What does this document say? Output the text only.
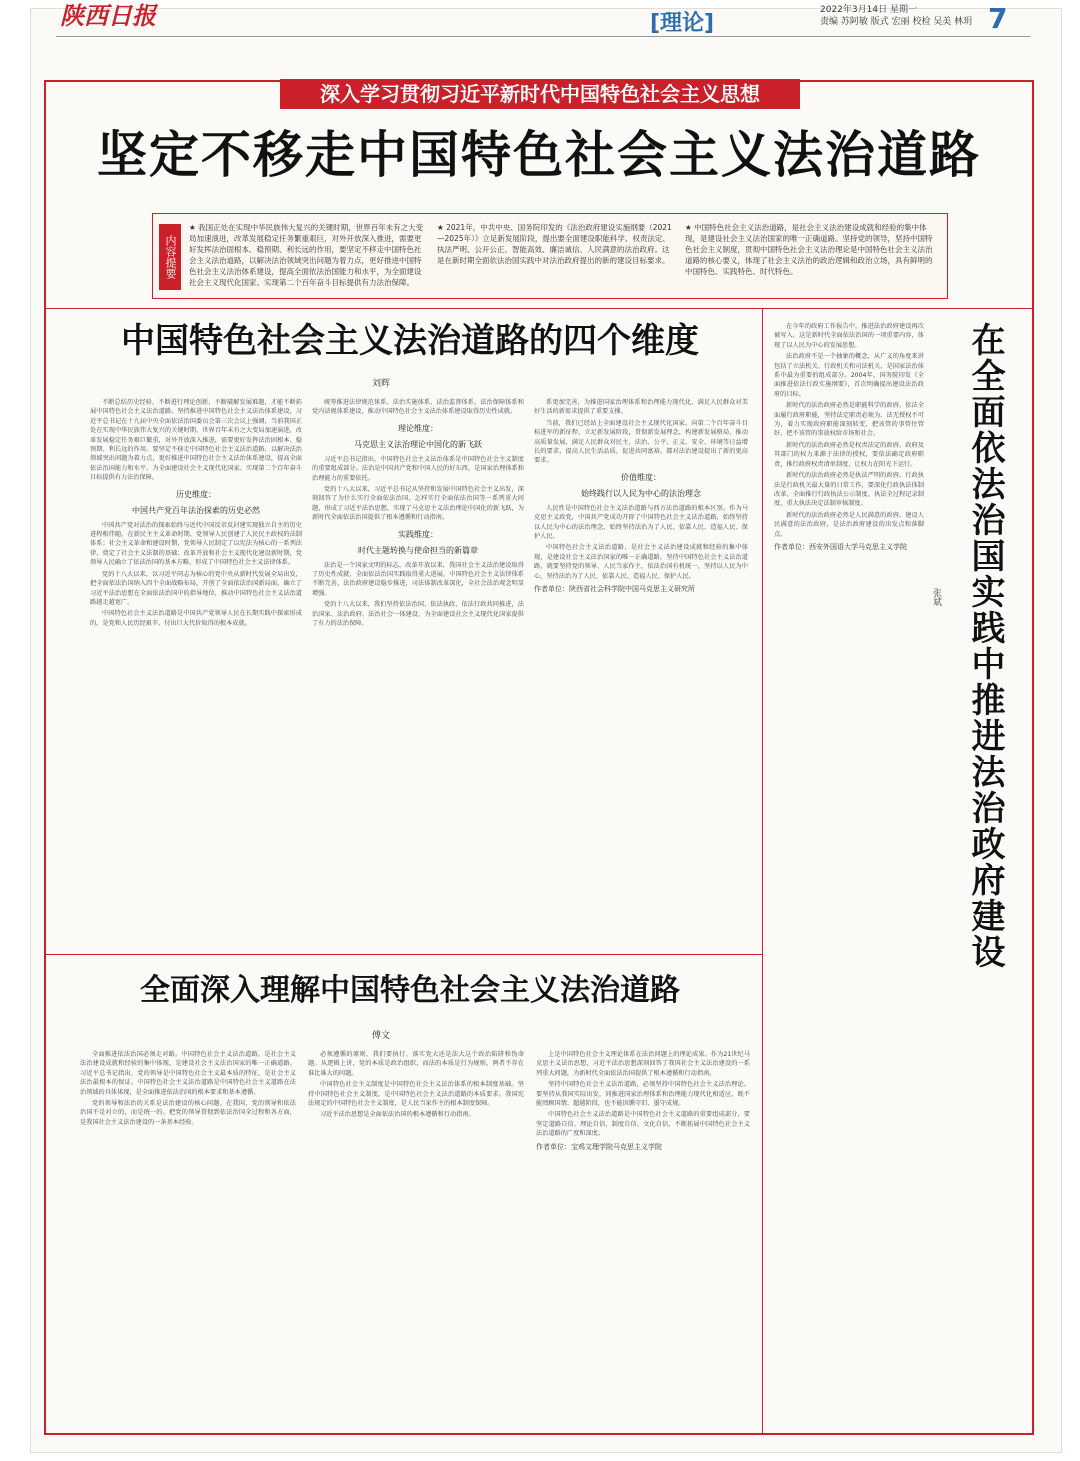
陕西日报	[理论]
2022年3月14日 星期一
责编 苏阿敏 版式 宏丽 校检 吴美 林玥 7
深入学习贯彻习近平新时代中国特色社会主义思想
坚定不移走中国特色社会主义法治道路
内容提要
★ 我国正处在实现中华民族伟大复兴的关键时期，世界百年未有之大变局加速演进，改革发展稳定任务繁重艰巨，对外开放深入推进，需要更好发挥法治固根本、稳预期、利长远的作用，要坚定不移走中国特色社会主义法治道路，以解决法治领域突出问题为着力点，更好推进中国特色社会主义法治体系建设，提高全面依法治国能力和水平，为全面建设社会主义现代化国家、实现第二个百年奋斗目标提供有力法治保障。
★ 2021年，中共中央、国务院印发的《法治政府建设实施纲要（2021—2025年）》立足新发展阶段，提出要全面建设职能科学、权责法定、执法严明、公开公正、智能高效、廉洁诚信、人民满意的法治政府。这是在新时期全面依法治国实践中对法治政府提出的新的建设目标要求。
★ 中国特色社会主义法治道路，是社会主义法治建设成就和经验的集中体现，是建设社会主义法治国家的唯一正确道路。坚持党的领导，坚持中国特色社会主义制度，贯彻中国特色社会主义法治理论是中国特色社会主义法治道路的核心要义，体现了社会主义法治的政治逻辑和政治立场，具有鲜明的中国特色、实践特色、时代特色。
中国特色社会主义法治道路的四个维度
刘辉

不断总结历史经验，不断进行理论创新，不断破解发展难题，才能不断拓展中国特色社会主义法治道路。坚持推进中国特色社会主义法治体系建设，习近平总书记在十九届中央全面依法治国委员会第三次会议上强调，当前我国正处在实现中华民族伟大复兴的关键时期，世界百年未有之大变局加速演进，改革发展稳定任务艰巨繁重，对外开放深入推进，需要更好发挥法治固根本、稳预期、利长远的作用。要坚定不移走中国特色社会主义法治道路，以解决法治领域突出问题为着力点，更好推进中国特色社会主义法治体系建设，提高全面依法治国能力和水平，为全面建设社会主义现代化国家、实现第二个百年奋斗目标提供有力法治保障。

历史维度：
中国共产党百年法治探索的历史必然

中国共产党对法治的探索始终与近代中国反帝反封建实现独立自主的历史进程相伴随。在新民主主义革命时期，党领导人民创建了人民民主政权的法制体系；社会主义革命和建设时期，党领导人民制定了以宪法为核心的一系列法律，奠定了社会主义法制的基础；改革开放和社会主义现代化建设新时期，党领导人民确立了依法治国的基本方略，形成了中国特色社会主义法律体系。

党的十八大以来，以习近平同志为核心的党中央从新时代发展全局出发，把全面依法治国纳入四个全面战略布局，开创了全面依法治国新局面，确立了习近平法治思想在全面依法治国中的指导地位，推动中国特色社会主义法治道路越走越宽广。

中国特色社会主义法治道路是中国共产党领导人民在长期实践中探索形成的，是党和人民历经艰辛、付出巨大代价取得的根本成就。

统筹推进法律规范体系、法治实施体系、法治监督体系、法治保障体系和党内法规体系建设，推动中国特色社会主义法治体系建设取得历史性成就。

理论维度：
马克思主义法治理论中国化的新飞跃

习近平总书记指出，中国特色社会主义法治体系是中国特色社会主义制度的重要组成部分。法治是中国共产党和中国人民的好东西，是国家治理体系和治理能力的重要依托。

党的十八大以来，习近平总书记从坚持和发展中国特色社会主义出发，深刻回答了为什么实行全面依法治国、怎样实行全面依法治国等一系列重大问题，形成了习近平法治思想，实现了马克思主义法治理论中国化的新飞跃，为新时代全面依法治国提供了根本遵循和行动指南。

实践维度：
时代主题转换与使命担当的新篇章

法治是一个国家文明的标志。改革开放以来，我国社会主义法治建设取得了历史性成就，全面依法治国实践取得重大进展，中国特色社会主义法律体系不断完善，法治政府建设稳步推进，司法体制改革深化，全社会法治观念明显增强。

党的十八大以来，我们坚持依法治国、依法执政、依法行政共同推进，法治国家、法治政府、法治社会一体建设，为全面建设社会主义现代化国家提供了有力的法治保障。

系更加完善，为推进国家治理体系和治理能力现代化、满足人民群众对美好生活的新需求提供了重要支撑。

当前，我们已经站上全面建设社会主义现代化国家、向第二个百年奋斗目标进军的新征程，立足新发展阶段，贯彻新发展理念，构建新发展格局，推动高质量发展，满足人民群众对民主、法治、公平、正义、安全、环境等日益增长的要求，提高人民生活品质，促进共同富裕，都对法治建设提出了新的更高要求。

价值维度：
始终践行以人民为中心的法治理念

人民性是中国特色社会主义法治道路与西方法治道路的根本区别。作为马克思主义政党，中国共产党成功开辟了中国特色社会主义法治道路，始终坚持以人民为中心的法治理念，始终坚持法治为了人民、依靠人民、造福人民、保护人民。

中国特色社会主义法治道路，是社会主义法治建设成就和经验的集中体现，是建设社会主义法治国家的唯一正确道路。坚持中国特色社会主义法治道路，就要坚持党的领导、人民当家作主、依法治国有机统一，坚持以人民为中心，坚持法治为了人民、依靠人民、造福人民、保护人民。

作者单位：陕西省社会科学院中国马克思主义研究所

全面深入理解中国特色社会主义法治道路
傅文

全面推进依法治国必须走对路。中国特色社会主义法治道路，是社会主义法治建设成就和经验的集中体现，是建设社会主义法治国家的唯一正确道路。习近平总书记指出，党的领导是中国特色社会主义最本质的特征，是社会主义法治最根本的保证。中国特色社会主义法治道路是中国特色社会主义道路在法治领域的具体体现，是全面推进依法治国的根本要求和基本遵循。

党的领导和法治的关系是法治建设的核心问题。在我国，党的领导和依法治国不是对立的，而是统一的。把党的领导贯彻到依法治国全过程和各方面，是我国社会主义法治建设的一条基本经验。

必须遵循的原则，我们要执行、落实党大还是法大这个政治陷阱和伪命题。从逻辑上讲，党的本质是政治组织，而法的本质是行为规则，两者不存在谁比谁大的问题。

中国特色社会主义制度是中国特色社会主义法治体系的根本制度基础。坚持中国特色社会主义制度，是中国特色社会主义法治道路的本质要求。我国宪法规定的中国特色社会主义制度，是人民当家作主的根本制度保障。

习近平法治思想是全面依法治国的根本遵循和行动指南。

上是中国特色社会主义理论体系在法治问题上的理论成果。作为21世纪马克思主义法治思想，习近平法治思想深刻回答了我国社会主义法治建设的一系列重大问题，为新时代全面依法治国提供了根本遵循和行动指南。

坚持中国特色社会主义法治道路，必须坚持中国特色社会主义法治理论。要坚持从我国实际出发，同推进国家治理体系和治理能力现代化相适应，既不能罔顾国情、超越阶段，也不能因循守旧、墨守成规。

中国特色社会主义法治道路是中国特色社会主义道路的重要组成部分，要坚定道路自信、理论自信、制度自信、文化自信，不断拓展中国特色社会主义法治道路的广度和深度。

作者单位：宝鸡文理学院马克思主义学院

在全面依法治国实践中推进法治政府建设
张斌

在今年的政府工作报告中，推进法治政府建设再次被写入。这是新时代全面依法治国的一项重要内容，体现了以人民为中心的发展思想。

法治政府不是一个抽象的概念，从广义的角度来讲包括了立法机关、行政机关和司法机关，是国家法治体系中最为重要的组成部分。2004年，国务院印发《全面推进依法行政实施纲要》，首次明确提出建设法治政府的目标。

新时代的法治政府必然是职能科学的政府。依法全面履行政府职能，坚持法定职责必须为、法无授权不可为，着力实现政府职能深刻转变，把该管的事管住管好，把不该管的事放权给市场和社会。

新时代的法治政府必然是权责法定的政府。政府及其部门的权力来源于法律的授权，要依法确定政府职责，推行政府权责清单制度，让权力在阳光下运行。

新时代的法治政府必然是执法严明的政府。行政执法是行政机关最大量的日常工作，要深化行政执法体制改革，全面推行行政执法公示制度、执法全过程记录制度、重大执法决定法制审核制度。

新时代的法治政府必然是人民满意的政府。建设人民满意的法治政府，是法治政府建设的出发点和落脚点。

作者单位：西安外国语大学马克思主义学院
